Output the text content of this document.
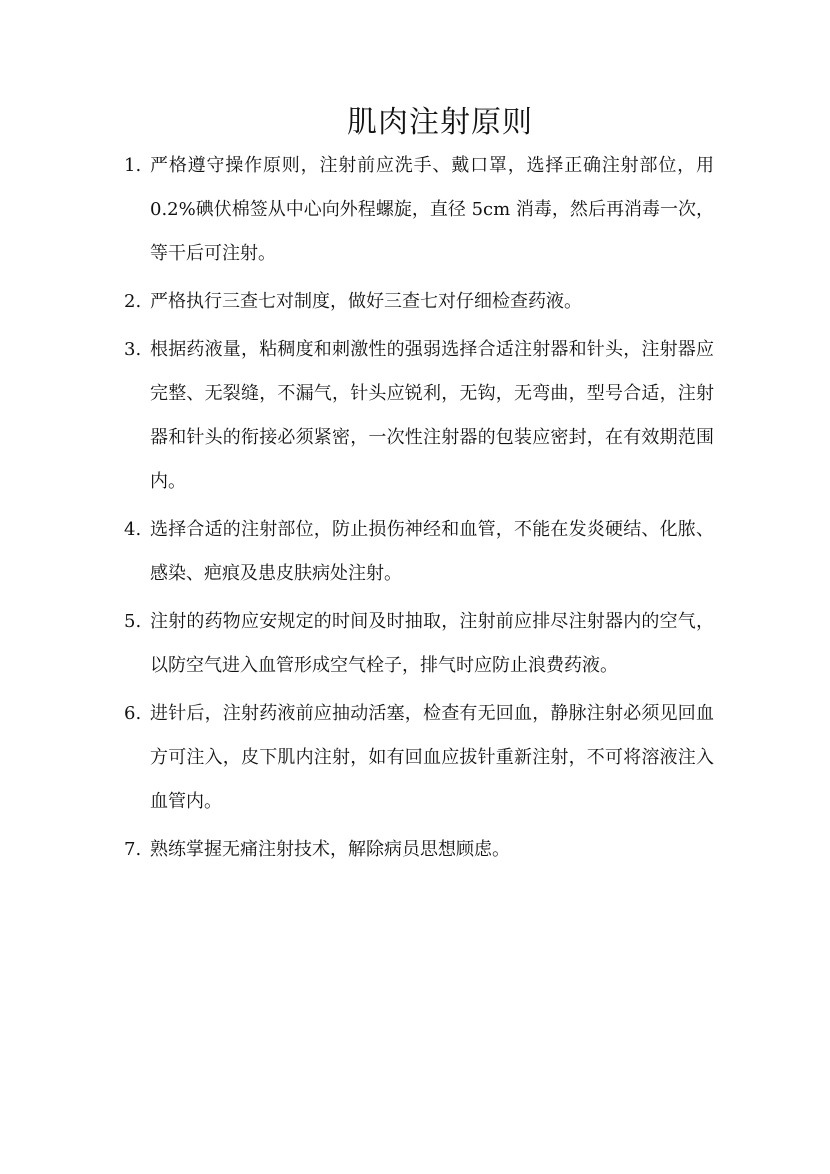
肌肉注射原则
1. 严格遵守操作原则，注射前应洗手、戴口罩，选择正确注射部位，用 0.2%碘伏棉签从中心向外程螺旋，直径 5cm 消毒，然后再消毒一次，等干后可注射。
2. 严格执行三查七对制度，做好三查七对仔细检查药液。
3. 根据药液量，粘稠度和刺激性的强弱选择合适注射器和针头，注射器应完整、无裂缝，不漏气，针头应锐利，无钩，无弯曲，型号合适，注射器和针头的衔接必须紧密，一次性注射器的包装应密封，在有效期范围内。
4. 选择合适的注射部位，防止损伤神经和血管，不能在发炎硬结、化脓、感染、疤痕及患皮肤病处注射。
5. 注射的药物应安规定的时间及时抽取，注射前应排尽注射器内的空气，以防空气进入血管形成空气栓子，排气时应防止浪费药液。
6. 进针后，注射药液前应抽动活塞，检查有无回血，静脉注射必须见回血方可注入，皮下肌内注射，如有回血应拔针重新注射，不可将溶液注入血管内。
7. 熟练掌握无痛注射技术，解除病员思想顾虑。
